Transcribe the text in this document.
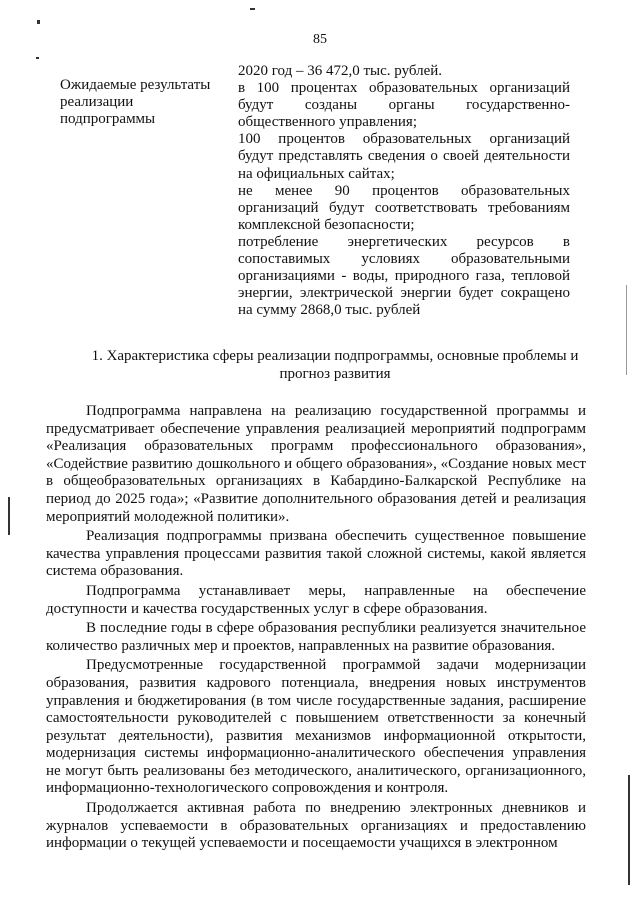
85
Ожидаемые результаты реализации подпрограммы
2020 год – 36 472,0 тыс. рублей.
в 100 процентах образовательных организаций
будут созданы органы государственно-
общественного управления;
100 процентов образовательных организаций
будут представлять сведения о своей деятельности
на официальных сайтах;
не менее 90 процентов образовательных
организаций будут соответствовать требованиям
комплексной безопасности;
потребление энергетических ресурсов в
сопоставимых условиях образовательными
организациями - воды, природного газа, тепловой
энергии, электрической энергии будет сокращено
на сумму 2868,0 тыс. рублей
1. Характеристика сферы реализации подпрограммы, основные проблемы и прогноз развития

Подпрограмма направлена на реализацию государственной программы и предусматривает обеспечение управления реализацией мероприятий подпрограмм «Реализация образовательных программ профессионального образования», «Содействие развитию дошкольного и общего образования», «Создание новых мест в общеобразовательных организациях в Кабардино-Балкарской Республике на период до 2025 года»; «Развитие дополнительного образования детей и реализация мероприятий молодежной политики».

Реализация подпрограммы призвана обеспечить существенное повышение качества управления процессами развития такой сложной системы, какой является система образования.

Подпрограмма устанавливает меры, направленные на обеспечение доступности и качества государственных услуг в сфере образования.

В последние годы в сфере образования республики реализуется значительное количество различных мер и проектов, направленных на развитие образования.

Предусмотренные государственной программой задачи модернизации образования, развития кадрового потенциала, внедрения новых инструментов управления и бюджетирования (в том числе государственные задания, расширение самостоятельности руководителей с повышением ответственности за конечный результат деятельности), развития механизмов информационной открытости, модернизация системы информационно-аналитического обеспечения управления не могут быть реализованы без методического, аналитического, организационного, информационно-технологического сопровождения и контроля.

Продолжается активная работа по внедрению электронных дневников и журналов успеваемости в образовательных организациях и предоставлению информации о текущей успеваемости и посещаемости учащихся в электронном
